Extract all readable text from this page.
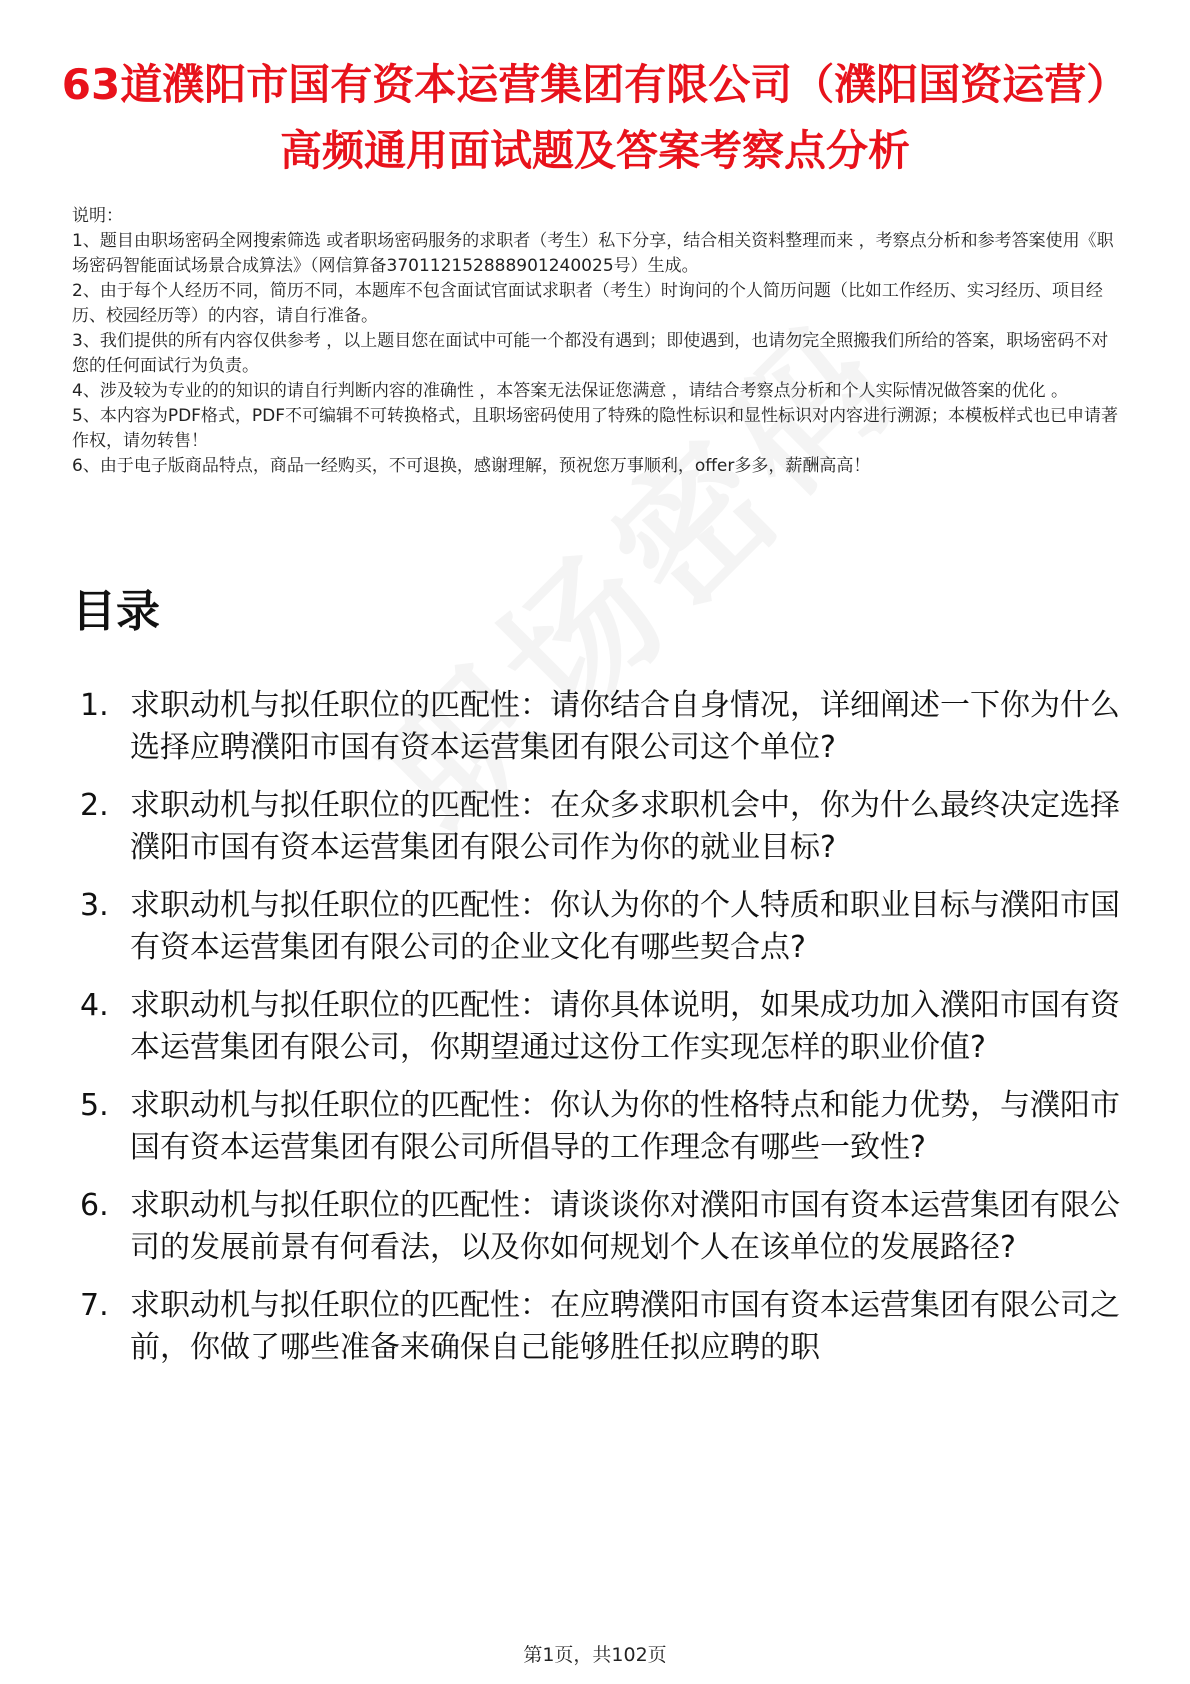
63道濮阳市国有资本运营集团有限公司（濮阳国资运营）高频通用面试题及答案考察点分析

说明：

1、题目由职场密码全网搜索筛选 或者职场密码服务的求职者（考生）私下分享，结合相关资料整理而来 ，考察点分析和参考答案使用《职场密码智能面试场景合成算法》（网信算备370112152888901240025号）生成。

2、由于每个人经历不同，简历不同，本题库不包含面试官面试求职者（考生）时询问的个人简历问题（比如工作经历、实习经历、项目经历、校园经历等）的内容，请自行准备。

3、我们提供的所有内容仅供参考 ，以上题目您在面试中可能一个都没有遇到；即使遇到，也请勿完全照搬我们所给的答案，职场密码不对您的任何面试行为负责。

4、涉及较为专业的的知识的请自行判断内容的准确性 ，本答案无法保证您满意 ，请结合考察点分析和个人实际情况做答案的优化 。

5、本内容为PDF格式，PDF不可编辑不可转换格式，且职场密码使用了特殊的隐性标识和显性标识对内容进行溯源；本模板样式也已申请著作权，请勿转售！

6、由于电子版商品特点，商品一经购买，不可退换，感谢理解，预祝您万事顺利，offer多多，薪酬高高！

目录
1. 求职动机与拟任职位的匹配性：请你结合自身情况，详细阐述一下你为什么选择应聘濮阳市国有资本运营集团有限公司这个单位?
2. 求职动机与拟任职位的匹配性：在众多求职机会中，你为什么最终决定选择濮阳市国有资本运营集团有限公司作为你的就业目标?
3. 求职动机与拟任职位的匹配性：你认为你的个人特质和职业目标与濮阳市国有资本运营集团有限公司的企业文化有哪些契合点?
4. 求职动机与拟任职位的匹配性：请你具体说明，如果成功加入濮阳市国有资本运营集团有限公司，你期望通过这份工作实现怎样的职业价值?
5. 求职动机与拟任职位的匹配性：你认为你的性格特点和能力优势，与濮阳市国有资本运营集团有限公司所倡导的工作理念有哪些一致性?
6. 求职动机与拟任职位的匹配性：请谈谈你对濮阳市国有资本运营集团有限公司的发展前景有何看法，以及你如何规划个人在该单位的发展路径?
7. 求职动机与拟任职位的匹配性：在应聘濮阳市国有资本运营集团有限公司之前，你做了哪些准备来确保自己能够胜任拟应聘的职
第1页，共102页
